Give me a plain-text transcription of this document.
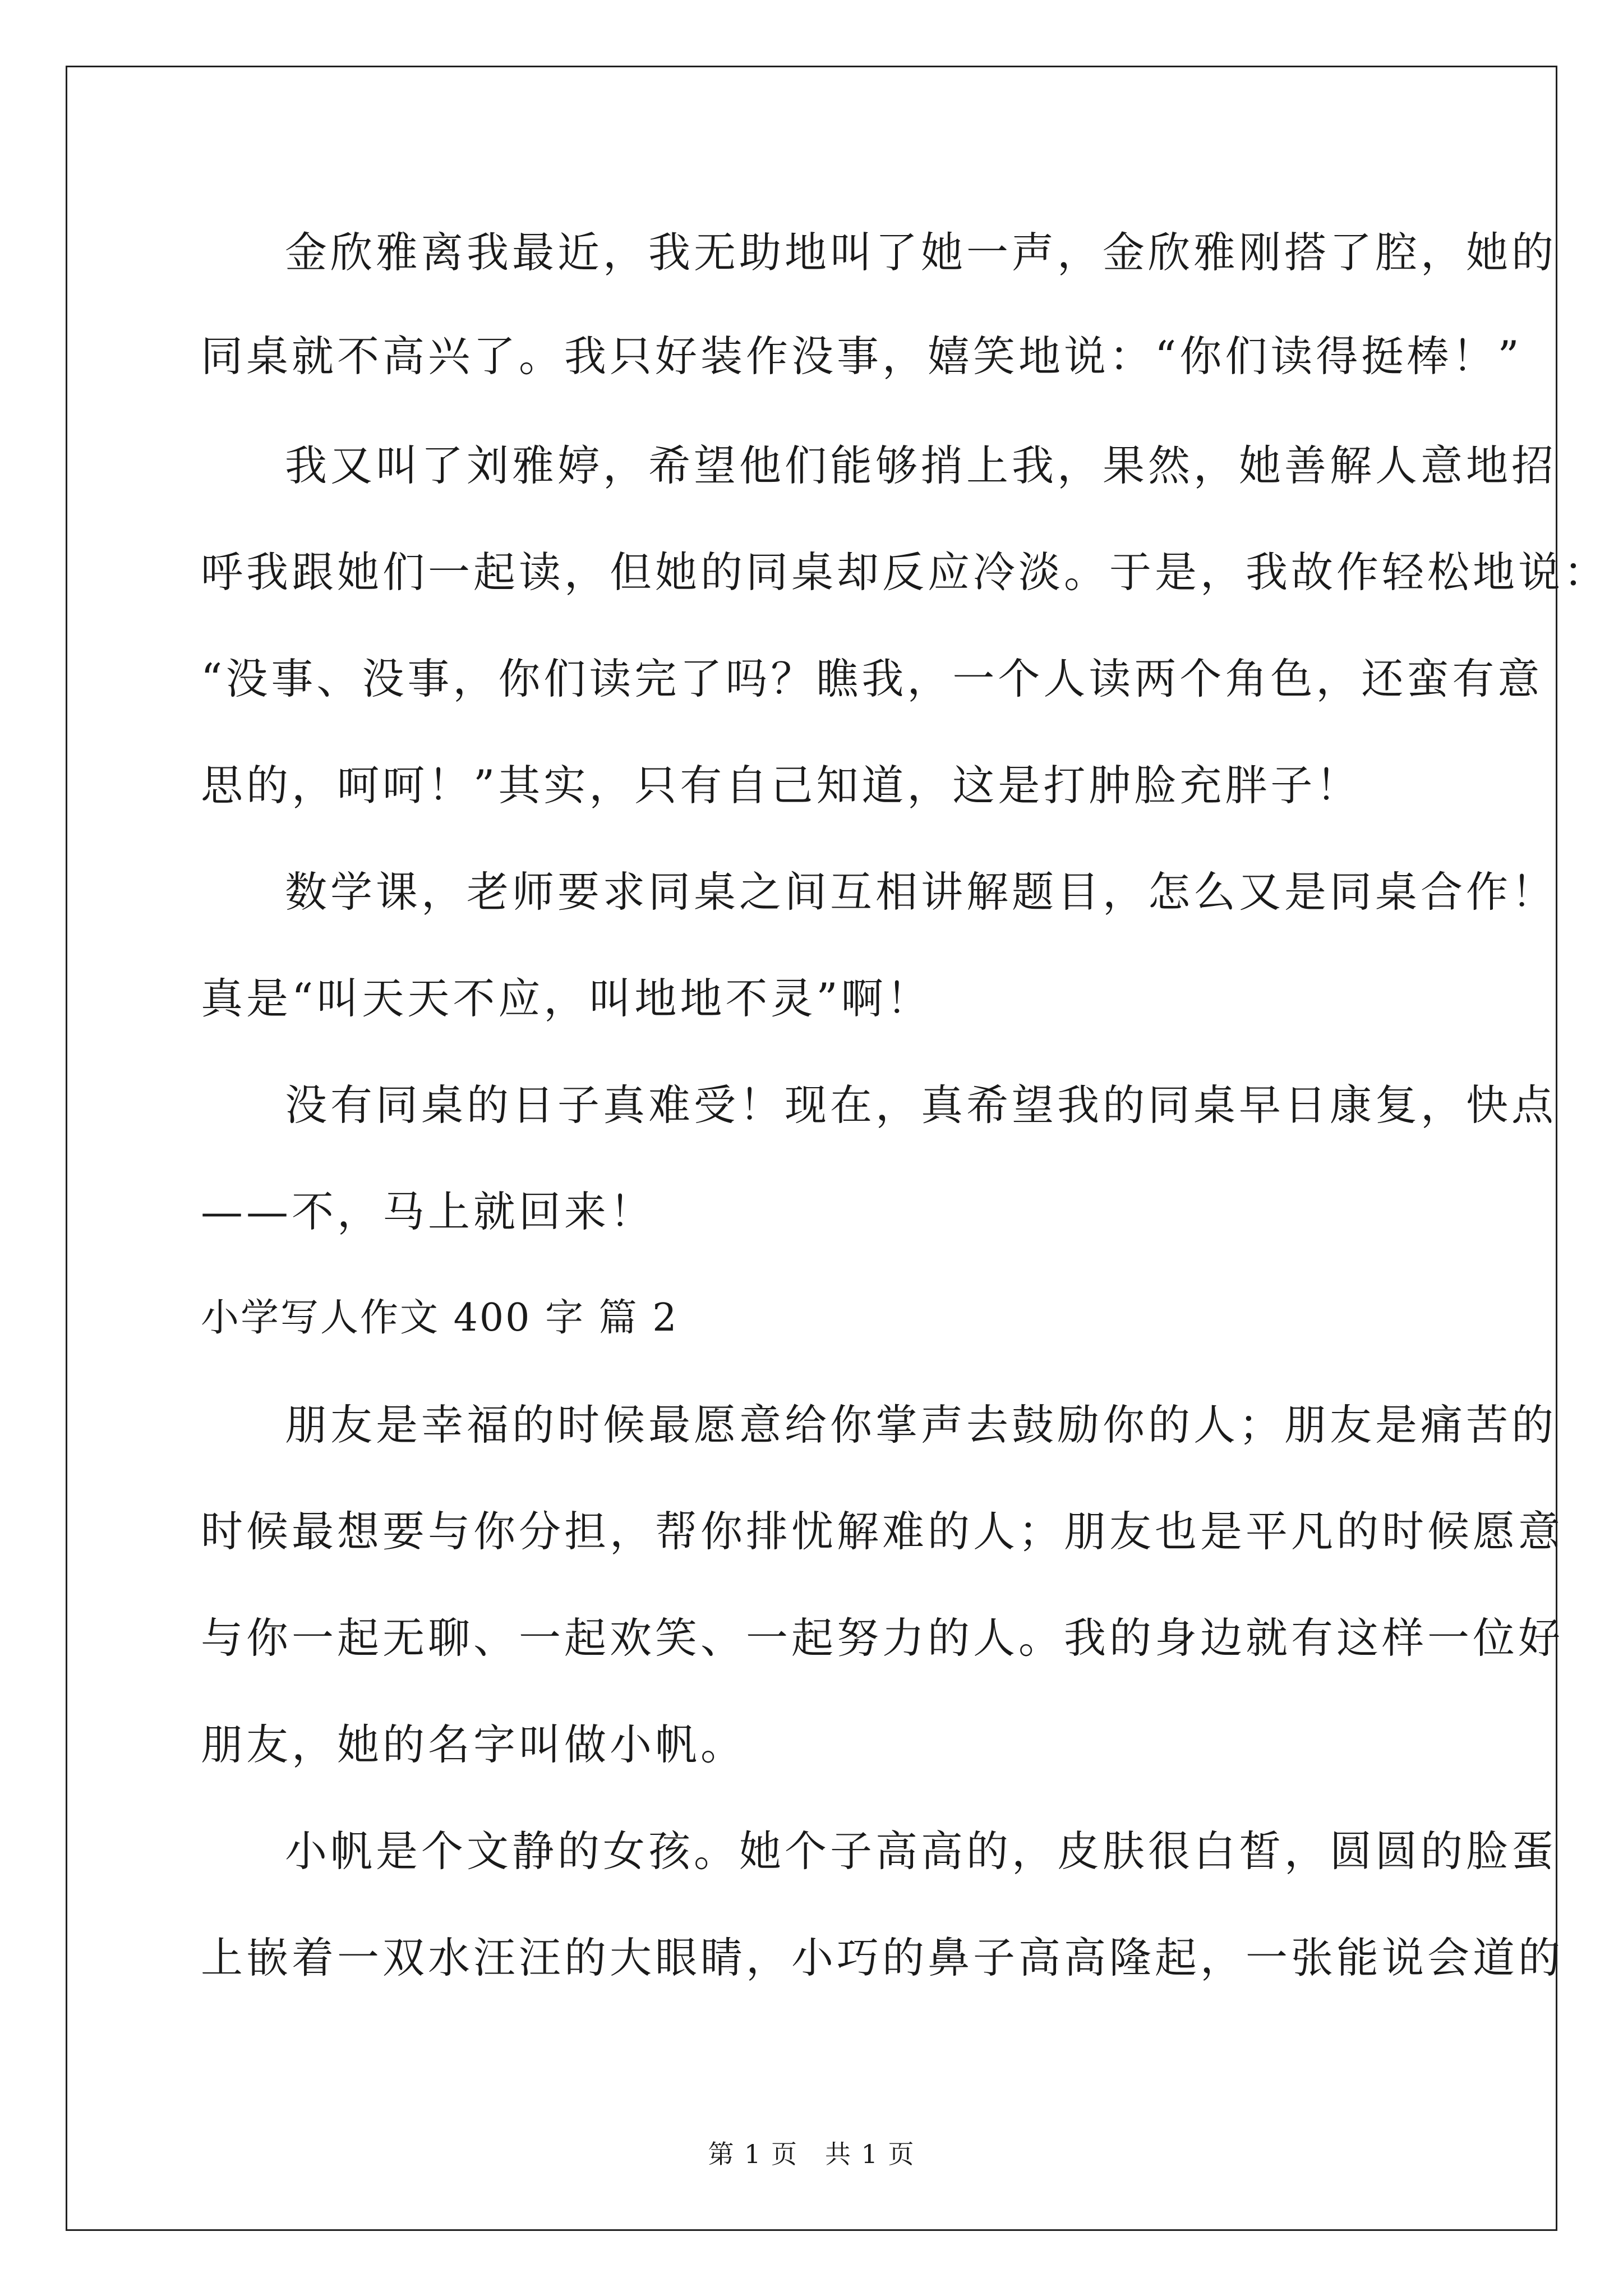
金欣雅离我最近，我无助地叫了她一声，金欣雅刚搭了腔，她的
同桌就不高兴了。我只好装作没事，嬉笑地说：“你们读得挺棒！”
我又叫了刘雅婷，希望他们能够捎上我，果然，她善解人意地招
呼我跟她们一起读，但她的同桌却反应冷淡。于是，我故作轻松地说：
“没事、没事，你们读完了吗？瞧我，一个人读两个角色，还蛮有意
思的，呵呵！”其实，只有自己知道，这是打肿脸充胖子！
数学课，老师要求同桌之间互相讲解题目，怎么又是同桌合作！
真是“叫天天不应，叫地地不灵”啊！
没有同桌的日子真难受！现在，真希望我的同桌早日康复，快点
——不，马上就回来！
小学写人作文 400 字 篇 2
朋友是幸福的时候最愿意给你掌声去鼓励你的人；朋友是痛苦的
时候最想要与你分担，帮你排忧解难的人；朋友也是平凡的时候愿意
与你一起无聊、一起欢笑、一起努力的人。我的身边就有这样一位好
朋友，她的名字叫做小帆。
小帆是个文静的女孩。她个子高高的，皮肤很白皙，圆圆的脸蛋
上嵌着一双水汪汪的大眼睛，小巧的鼻子高高隆起，一张能说会道的
第 1 页　共 1 页
